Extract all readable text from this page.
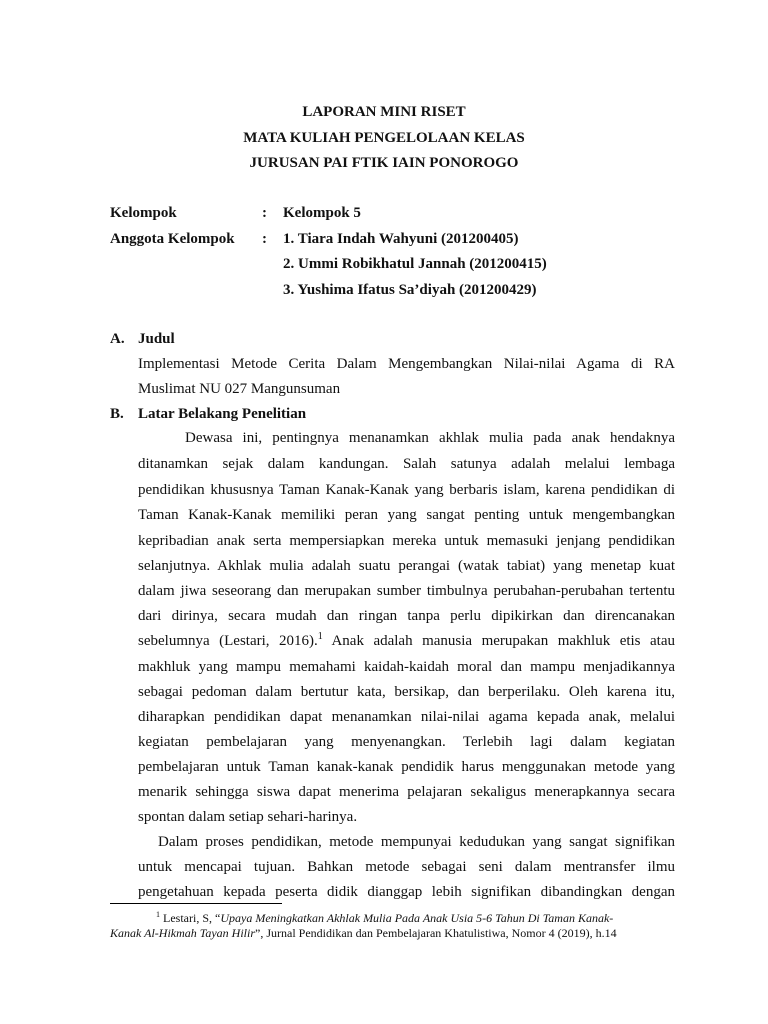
LAPORAN MINI RISET
MATA KULIAH PENGELOLAAN KELAS
JURUSAN PAI FTIK IAIN PONOROGO
Kelompok	: Kelompok 5
Anggota Kelompok : 1. Tiara Indah Wahyuni (201200405)
2. Ummi Robikhatul Jannah (201200415)
3. Yushima Ifatus Sa’diyah (201200429)
A. Judul
Implementasi Metode Cerita Dalam Mengembangkan Nilai-nilai Agama di RA
Muslimat NU 027 Mangunsuman
B. Latar Belakang Penelitian
Dewasa ini, pentingnya menanamkan akhlak mulia pada anak hendaknya
ditanamkan sejak dalam kandungan. Salah satunya adalah melalui lembaga
pendidikan khususnya Taman Kanak-Kanak yang berbaris islam, karena pendidikan di
Taman Kanak-Kanak memiliki peran yang sangat penting untuk mengembangkan
kepribadian anak serta mempersiapkan mereka untuk memasuki jenjang pendidikan
selanjutnya. Akhlak mulia adalah suatu perangai (watak tabiat) yang menetap kuat
dalam jiwa seseorang dan merupakan sumber timbulnya perubahan-perubahan tertentu
dari dirinya, secara mudah dan ringan tanpa perlu dipikirkan dan direncanakan
sebelumnya (Lestari, 2016).$^1$ Anak adalah manusia merupakan makhluk etis atau
makhluk yang mampu memahami kaidah-kaidah moral dan mampu menjadikannya
sebagai pedoman dalam bertutur kata, bersikap, dan berperilaku. Oleh karena itu,
diharapkan pendidikan dapat menanamkan nilai-nilai agama kepada anak, melalui
kegiatan pembelajaran yang menyenangkan. Terlebih lagi dalam kegiatan
pembelajaran untuk Taman kanak-kanak pendidik harus menggunakan metode yang
menarik sehingga siswa dapat menerima pelajaran sekaligus menerapkannya secara
spontan dalam setiap sehari-harinya.
Dalam proses pendidikan, metode mempunyai kedudukan yang sangat signifikan
untuk mencapai tujuan. Bahkan metode sebagai seni dalam mentransfer ilmu
pengetahuan kepada peserta didik dianggap lebih signifikan dibandingkan dengan
$^1$ Lestari, S, “Upaya Meningkatkan Akhlak Mulia Pada Anak Usia 5-6 Tahun Di Taman Kanak-
Kanak Al-Hikmah Tayan Hilir”, Jurnal Pendidikan dan Pembelajaran Khatulistiwa, Nomor 4 (2019), h.14
